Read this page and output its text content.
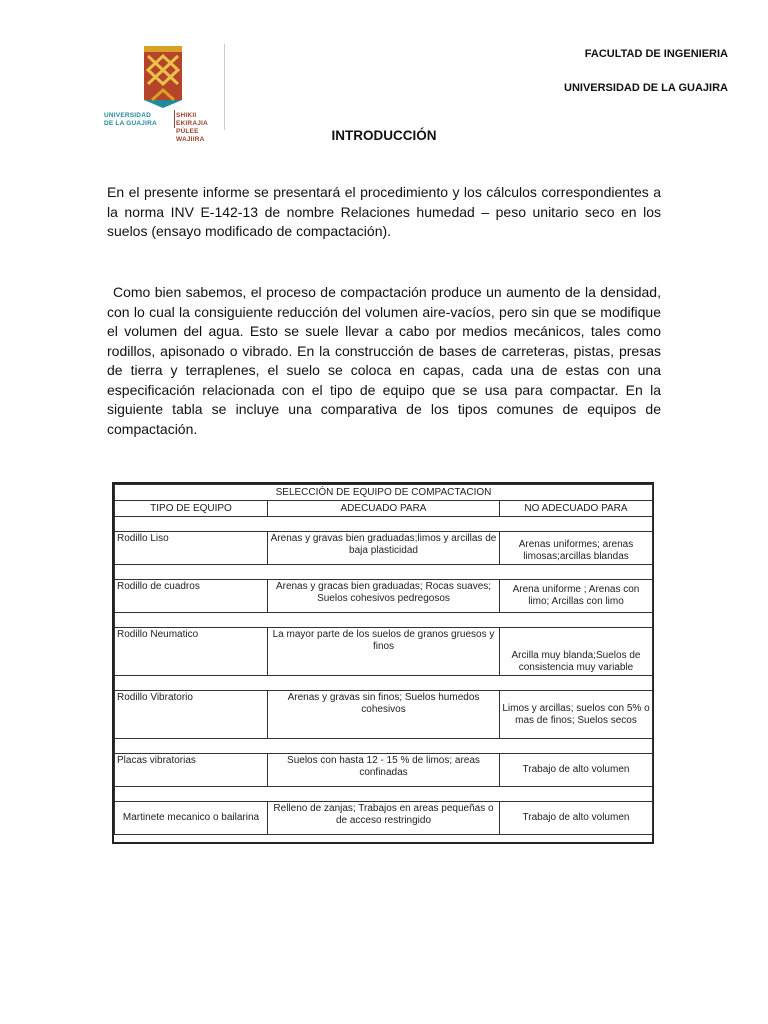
UNIVERSIDAD
DE LA GUAJIRA
SHIKII EKIRAJIA
PÜLEE WAJIIRA
FACULTAD DE INGENIERIA
UNIVERSIDAD DE LA GUAJIRA
INTRODUCCIÓN

En el presente informe se presentará el procedimiento y los cálculos correspondientes a la norma INV E-142-13 de nombre Relaciones humedad – peso unitario seco en los suelos (ensayo modificado de compactación).

Como bien sabemos, el proceso de compactación produce un aumento de la densidad, con lo cual la consiguiente reducción del volumen aire-vacíos, pero sin que se modifique el volumen del agua. Esto se suele llevar a cabo por medios mecánicos, tales como rodillos, apisonado o vibrado. En la construcción de bases de carreteras, pistas, presas de tierra y terraplenes, el suelo se coloca en capas, cada una de estas con una especificación relacionada con el tipo de equipo que se usa para compactar. En la siguiente tabla se incluye una comparativa de los tipos comunes de equipos de compactación.

SELECCIÓN DE EQUIPO DE COMPACTACION		
TIPO DE EQUIPO	ADECUADO PARA	NO ADECUADO PARA

Rodillo Liso	Arenas y gravas bien graduadas;limos y arcillas de baja plasticidad	Arenas uniformes; arenas limosas;arcillas blandas

Rodillo de cuadros	Arenas y gracas bien graduadas; Rocas suaves; Suelos cohesivos pedregosos	Arena uniforme ; Arenas con limo; Arcillas con limo

Rodillo Neumatico	La mayor parte de los suelos de granos gruesos y finos	Arcilla muy blanda;Suelos de consistencia muy variable

Rodillo Vibratorio	Arenas y gravas sin finos; Suelos humedos cohesivos	Limos y arcillas; suelos con 5% o mas de finos; Suelos secos

Placas vibratorias	Suelos con hasta 12 - 15 % de limos; areas confinadas	Trabajo de alto volumen

Martinete mecanico o bailarina	Relleno de zanjas; Trabajos en areas pequeñas o de acceso restringido	Trabajo de alto volumen
